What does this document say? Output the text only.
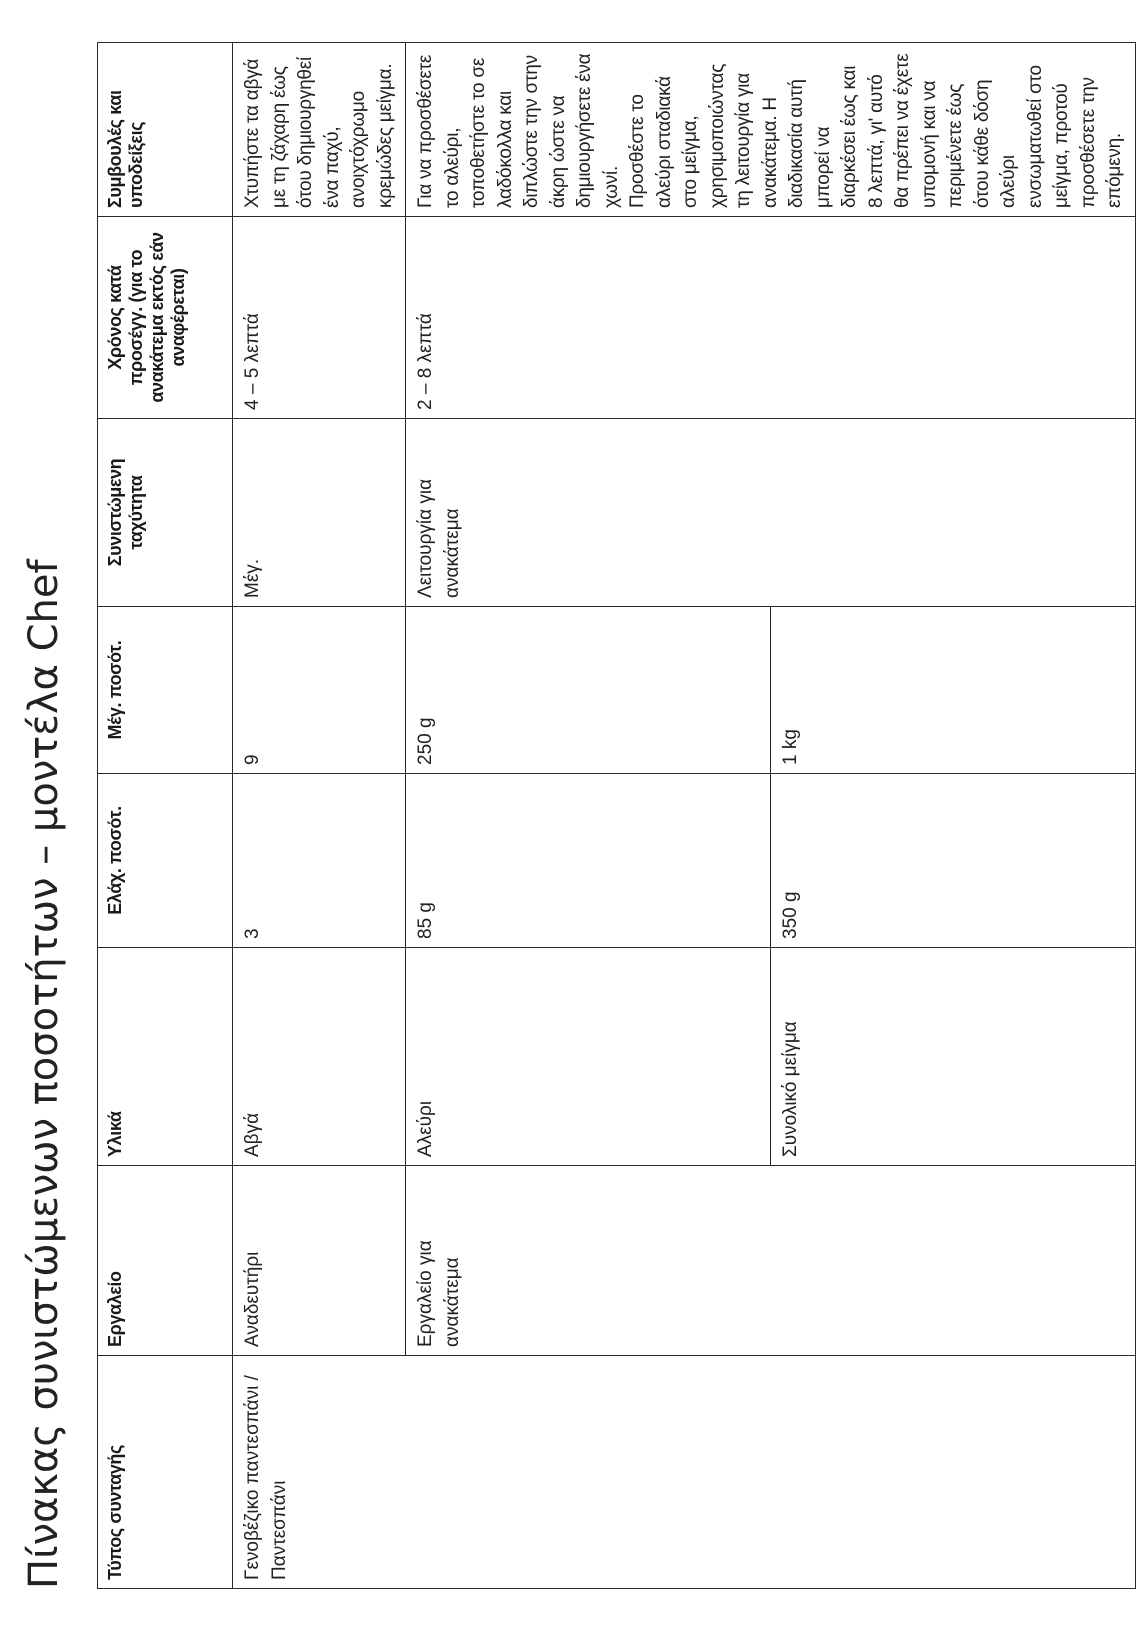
Πίνακας συνιστώμενων ποσοτήτων – μοντέλα Chef Τύπος συνταγής	Εργαλείο	Υλικά	Ελάχ. ποσότ.	Μέγ. ποσότ.	Συνιστώμενη ταχύτητα	Χρόνος κατά προσέγγ. (για το ανακάτεμα εκτός εάν αναφέρεται)	Συμβουλές και υποδείξεις
Γενοβέζικο παντεσπάνι / Παντεσπάνι	Αναδευτήρι	Αβγά	3	9	Μέγ.	4 – 5 λεπτά	Χτυπήστε τα αβγά με τη ζάχαρη έως ότου δημιουργηθεί ένα παχύ, ανοιχτόχρωμο κρεμώδες μείγμα.
	Εργαλείο για ανακάτεμα	Αλεύρι	85 g	250 g	Λειτουργία για ανακάτεμα	2 – 8 λεπτά	Για να προσθέσετε το αλεύρι, τοποθετήστε το σε λαδόκολλα και διπλώστε την στην άκρη ώστε να δημιουργήσετε ένα χωνί. Προσθέστε το αλεύρι σταδιακά στο μείγμα, χρησιμοποιώντας τη λειτουργία για ανακάτεμα. Η διαδικασία αυτή μπορεί να διαρκέσει έως και 8 λεπτά, γι' αυτό θα πρέπει να έχετε υπομονή και να περιμένετε έως ότου κάθε δόση αλεύρι ενσωματωθεί στο μείγμα, προτού προσθέσετε την επόμενη.

		Συνολικό μείγμα	350 g	1 kg			
